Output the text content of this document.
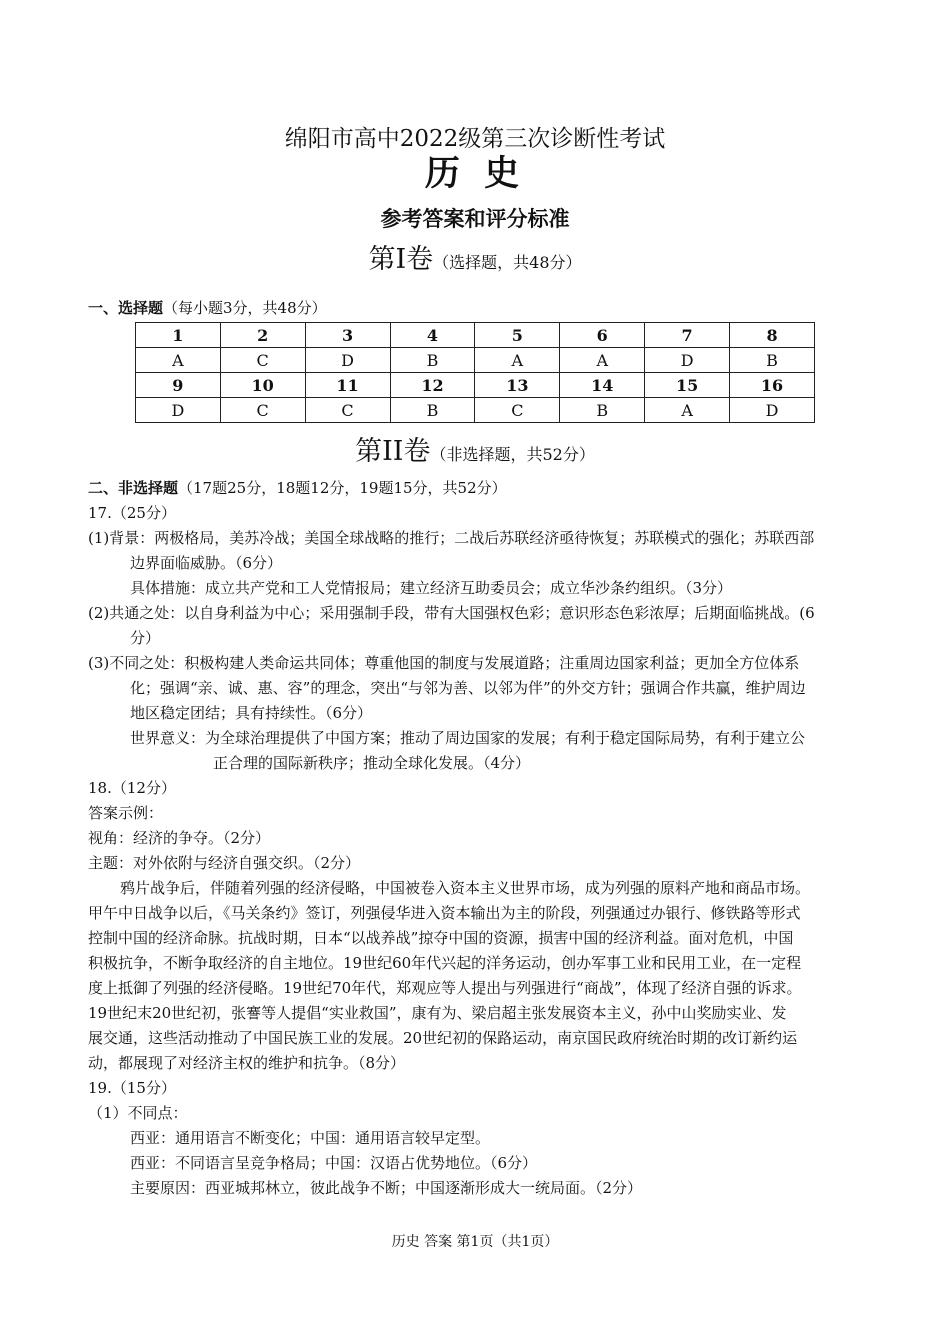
绵阳市高中2022级第三次诊断性考试
历 史
参考答案和评分标准
第Ⅰ卷（选择题，共48分）
一、选择题（每小题3分，共48分）
1	2	3	4	5	6	7	8
A	C	D	B	A	A	D	B
9	10	11	12	13	14	15	16
D	C	C	B	C	B	A	D
第II卷（非选择题，共52分）
二、非选择题（17题25分，18题12分，19题15分，共52分）
17.（25分）
(1)背景：两极格局，美苏冷战；美国全球战略的推行；二战后苏联经济亟待恢复；苏联模式的强化；苏联西部
边界面临威胁。（6分）
具体措施：成立共产党和工人党情报局；建立经济互助委员会；成立华沙条约组织。（3分）
(2)共通之处：以自身利益为中心；采用强制手段，带有大国强权色彩；意识形态色彩浓厚；后期面临挑战。(6
分）
(3)不同之处：积极构建人类命运共同体；尊重他国的制度与发展道路；注重周边国家利益；更加全方位体系
化；强调“亲、诚、惠、容”的理念，突出“与邻为善、以邻为伴”的外交方针；强调合作共赢，维护周边
地区稳定团结；具有持续性。（6分）
世界意义：为全球治理提供了中国方案；推动了周边国家的发展；有利于稳定国际局势，有利于建立公
正合理的国际新秩序；推动全球化发展。（4分）
18.（12分）
答案示例：
视角：经济的争夺。（2分）
主题：对外依附与经济自强交织。（2分）
鸦片战争后，伴随着列强的经济侵略，中国被卷入资本主义世界市场，成为列强的原料产地和商品市场。
甲午中日战争以后，《马关条约》签订，列强侵华进入资本输出为主的阶段，列强通过办银行、修铁路等形式
控制中国的经济命脉。抗战时期，日本“以战养战”掠夺中国的资源，损害中国的经济利益。面对危机，中国
积极抗争，不断争取经济的自主地位。19世纪60年代兴起的洋务运动，创办军事工业和民用工业，在一定程
度上抵御了列强的经济侵略。19世纪70年代，郑观应等人提出与列强进行“商战”，体现了经济自强的诉求。
19世纪末20世纪初，张謇等人提倡“实业救国”，康有为、梁启超主张发展资本主义，孙中山奖励实业、发
展交通，这些活动推动了中国民族工业的发展。20世纪初的保路运动，南京国民政府统治时期的改订新约运
动，都展现了对经济主权的维护和抗争。（8分）
19.（15分）
（1）不同点：
西亚：通用语言不断变化；中国：通用语言较早定型。
西亚：不同语言呈竞争格局；中国：汉语占优势地位。（6分）
主要原因：西亚城邦林立，彼此战争不断；中国逐渐形成大一统局面。（2分）
历史 答案 第1页（共1页）
